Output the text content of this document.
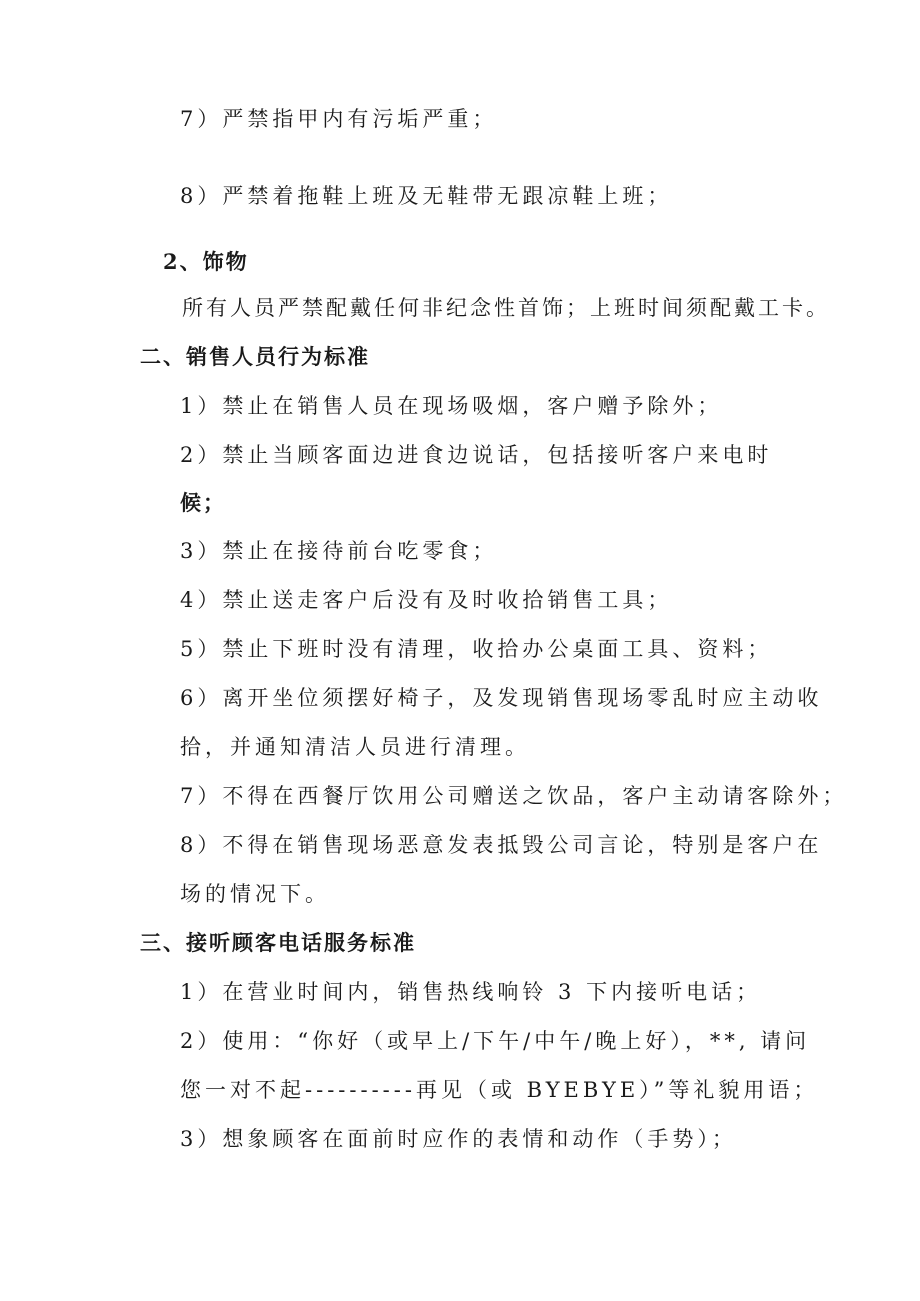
7）严禁指甲内有污垢严重；
8）严禁着拖鞋上班及无鞋带无跟凉鞋上班；
2、饰物
所有人员严禁配戴任何非纪念性首饰；上班时间须配戴工卡。
二、销售人员行为标准
1）禁止在销售人员在现场吸烟，客户赠予除外；
2）禁止当顾客面边进食边说话，包括接听客户来电时
候；
3）禁止在接待前台吃零食；
4）禁止送走客户后没有及时收拾销售工具；
5）禁止下班时没有清理，收拾办公桌面工具、资料；
6）离开坐位须摆好椅子，及发现销售现场零乱时应主动收
拾，并通知清洁人员进行清理。
7）不得在西餐厅饮用公司赠送之饮品，客户主动请客除外；
8）不得在销售现场恶意发表抵毁公司言论，特别是客户在
场的情况下。
三、接听顾客电话服务标准
1）在营业时间内，销售热线响铃 3 下内接听电话；
2）使用：“你好（或早上/下午/中午/晚上好），**, 请问
您一对不起----------再见（或 BYEBYE）”等礼貌用语；
3）想象顾客在面前时应作的表情和动作（手势）；
